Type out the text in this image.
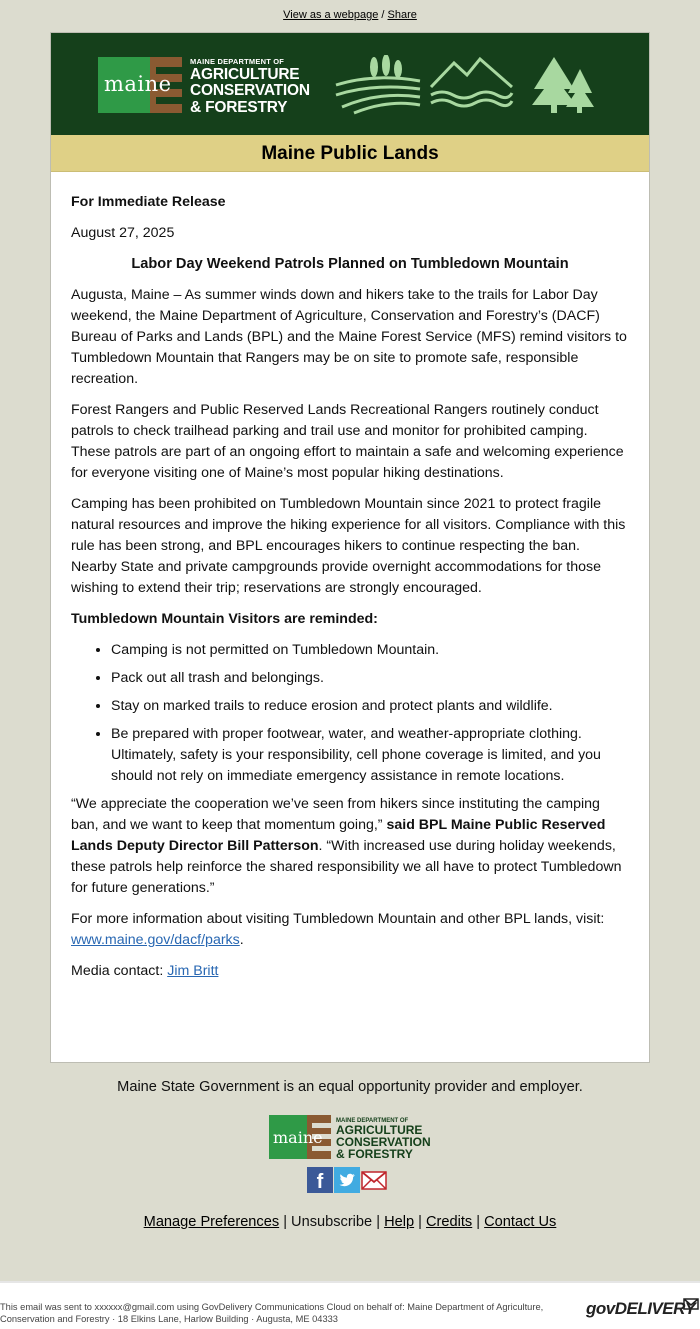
View as a webpage / Share
maine
MAINE DEPARTMENT OF
AGRICULTURE
CONSERVATION
& FORESTRY
Maine Public Lands

For Immediate Release

August 27, 2025

Labor Day Weekend Patrols Planned on Tumbledown Mountain

Augusta, Maine – As summer winds down and hikers take to the trails for Labor Day weekend, the Maine Department of Agriculture, Conservation and Forestry’s (DACF) Bureau of Parks and Lands (BPL) and the Maine Forest Service (MFS) remind visitors to Tumbledown Mountain that Rangers may be on site to promote safe, responsible recreation.

Forest Rangers and Public Reserved Lands Recreational Rangers routinely conduct patrols to check trailhead parking and trail use and monitor for prohibited camping. These patrols are part of an ongoing effort to maintain a safe and welcoming experience for everyone visiting one of Maine’s most popular hiking destinations.

Camping has been prohibited on Tumbledown Mountain since 2021 to protect fragile natural resources and improve the hiking experience for all visitors. Compliance with this rule has been strong, and BPL encourages hikers to continue respecting the ban. Nearby State and private campgrounds provide overnight accommodations for those wishing to extend their trip; reservations are strongly encouraged.

Tumbledown Mountain Visitors are reminded:

• Camping is not permitted on Tumbledown Mountain.
• Pack out all trash and belongings.
• Stay on marked trails to reduce erosion and protect plants and wildlife.
• Be prepared with proper footwear, water, and weather-appropriate clothing. Ultimately, safety is your responsibility, cell phone coverage is limited, and you should not rely on immediate emergency assistance in remote locations.

“We appreciate the cooperation we’ve seen from hikers since instituting the camping ban, and we want to keep that momentum going,” said BPL Maine Public Reserved Lands Deputy Director Bill Patterson. “With increased use during holiday weekends, these patrols help reinforce the shared responsibility we all have to protect Tumbledown for future generations.”

For more information about visiting Tumbledown Mountain and other BPL lands, visit: www.maine.gov/dacf/parks.

Media contact: Jim Britt

Maine State Government is an equal opportunity provider and employer.
maine
MAINE DEPARTMENT OF
AGRICULTURE
CONSERVATION
& FORESTRY
f
Manage Preferences | Unsubscribe | Help | Credits | Contact Us
This email was sent to xxxxxx@gmail.com using GovDelivery Communications Cloud on behalf of: Maine Department of Agriculture,
Conservation and Forestry · 18 Elkins Lane, Harlow Building · Augusta, ME 04333
govDELIVERY
